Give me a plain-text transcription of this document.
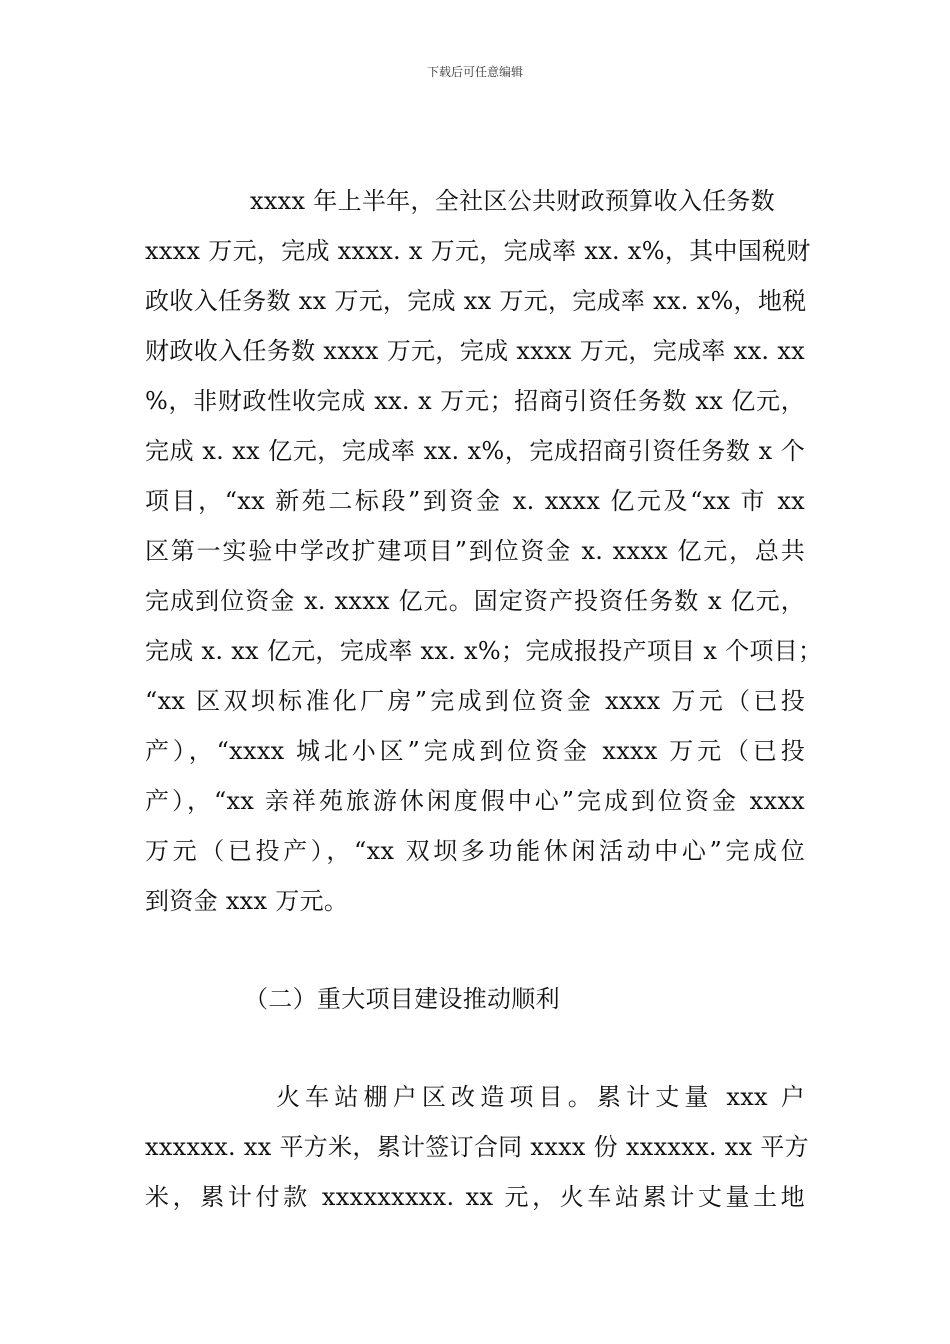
下载后可任意编辑
xxxx 年上半年，全社区公共财政预算收入任务数
xxxx 万元，完成 xxxx. x 万元，完成率 xx. x%，其中国税财
政收入任务数 xx 万元，完成 xx 万元，完成率 xx. x%，地税
财政收入任务数 xxxx 万元，完成 xxxx 万元，完成率 xx. xx
%，非财政性收完成 xx. x 万元；招商引资任务数 xx 亿元，
完成 x. xx 亿元，完成率 xx. x%，完成招商引资任务数 x 个
项目，“xx 新苑二标段”到资金 x. xxxx 亿元及“xx 市 xx
区第一实验中学改扩建项目”到位资金 x. xxxx 亿元，总共
完成到位资金 x. xxxx 亿元。固定资产投资任务数 x 亿元，
完成 x. xx 亿元，完成率 xx. x%；完成报投产项目 x 个项目；
“xx 区双坝标准化厂房”完成到位资金 xxxx 万元（已投
产），“xxxx 城北小区”完成到位资金 xxxx 万元（已投
产），“xx 亲祥苑旅游休闲度假中心”完成到位资金 xxxx
万元（已投产），“xx 双坝多功能休闲活动中心”完成位
到资金 xxx 万元。
（二）重大项目建设推动顺利
火车站棚户区改造项目。累计丈量 xxx 户
xxxxxx. xx 平方米，累计签订合同 xxxx 份 xxxxxx. xx 平方
米，累计付款 xxxxxxxxx. xx 元，火车站累计丈量土地
